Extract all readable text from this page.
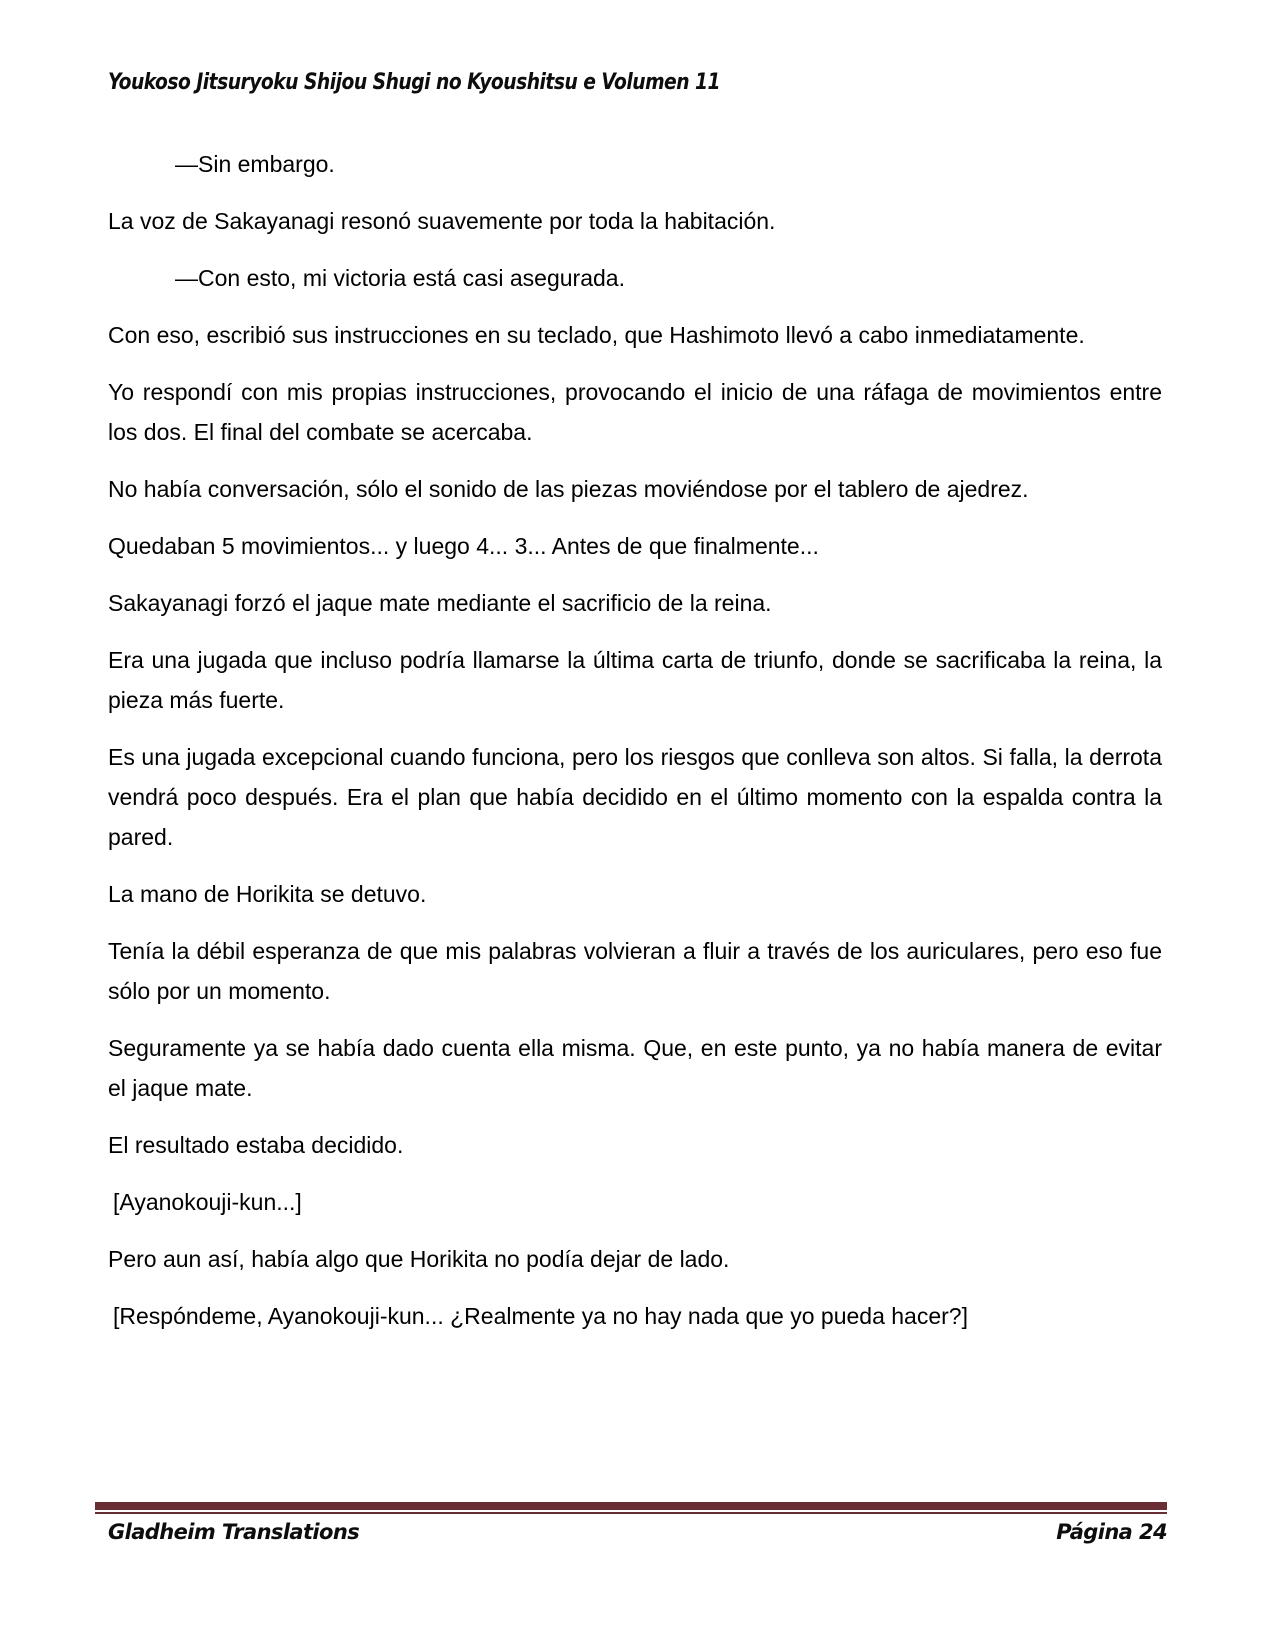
Youkoso Jitsuryoku Shijou Shugi no Kyoushitsu e Volumen 11

—Sin embargo.

La voz de Sakayanagi resonó suavemente por toda la habitación.

—Con esto, mi victoria está casi asegurada.

Con eso, escribió sus instrucciones en su teclado, que Hashimoto llevó a cabo inmediatamente.

Yo respondí con mis propias instrucciones, provocando el inicio de una ráfaga de movimientos entre los dos. El final del combate se acercaba.

No había conversación, sólo el sonido de las piezas moviéndose por el tablero de ajedrez.

Quedaban 5 movimientos... y luego 4... 3... Antes de que finalmente...

Sakayanagi forzó el jaque mate mediante el sacrificio de la reina.

Era una jugada que incluso podría llamarse la última carta de triunfo, donde se sacrificaba la reina, la pieza más fuerte.

Es una jugada excepcional cuando funciona, pero los riesgos que conlleva son altos. Si falla, la derrota vendrá poco después. Era el plan que había decidido en el último momento con la espalda contra la pared.

La mano de Horikita se detuvo.

Tenía la débil esperanza de que mis palabras volvieran a fluir a través de los auriculares, pero eso fue sólo por un momento.

Seguramente ya se había dado cuenta ella misma. Que, en este punto, ya no había manera de evitar el jaque mate.

El resultado estaba decidido.

[Ayanokouji-kun...]

Pero aun así, había algo que Horikita no podía dejar de lado.

[Respóndeme, Ayanokouji-kun... ¿Realmente ya no hay nada que yo pueda hacer?]

Gladheim Translations	Página 24
